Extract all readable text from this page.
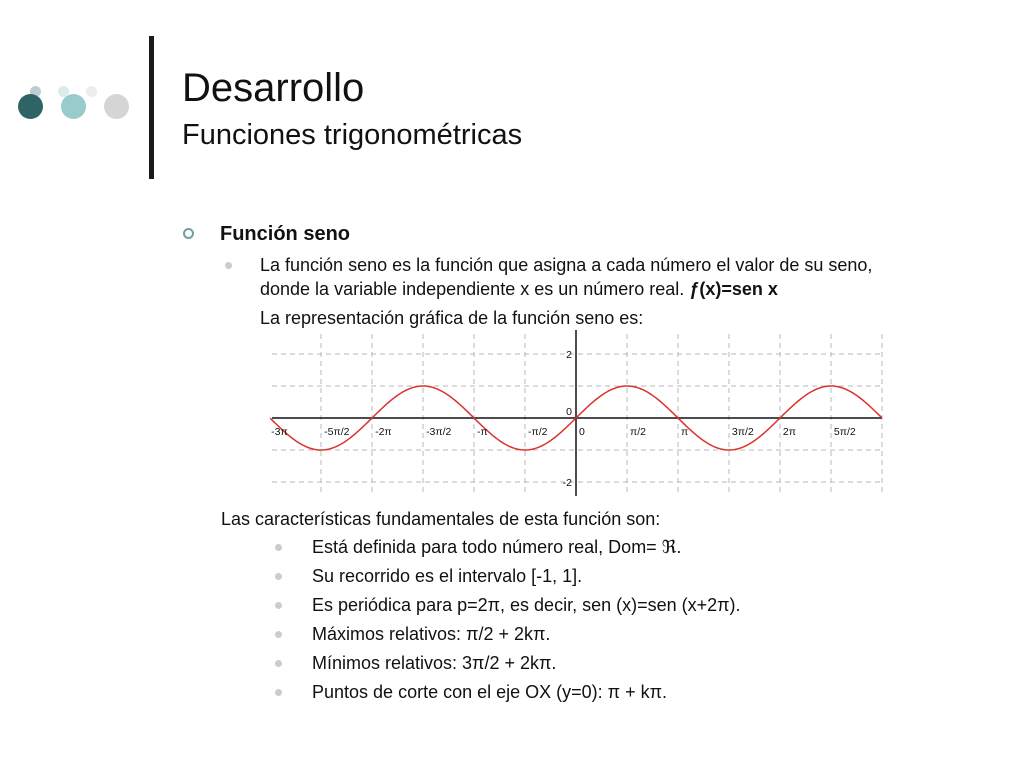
Desarrollo
Funciones trigonométricas
Función seno
La función seno es la función que asigna a cada número el valor de su seno,
donde la variable independiente x es un número real. ƒ(x)=sen x
La representación gráfica de la función seno es:
-3π	-5π/2 -2π	-3π/2 -π	-π/2	0	π/2	π	3π/2	2π	5π/2
2
0
-2
Las características fundamentales de esta función son:
Está definida para todo número real, Dom= ℜ.
Su recorrido es el intervalo [-1, 1].
Es periódica para p=2π, es decir, sen (x)=sen (x+2π).
Máximos relativos: π/2 + 2kπ.
Mínimos relativos: 3π/2 + 2kπ.
Puntos de corte con el eje OX (y=0): π + kπ.
